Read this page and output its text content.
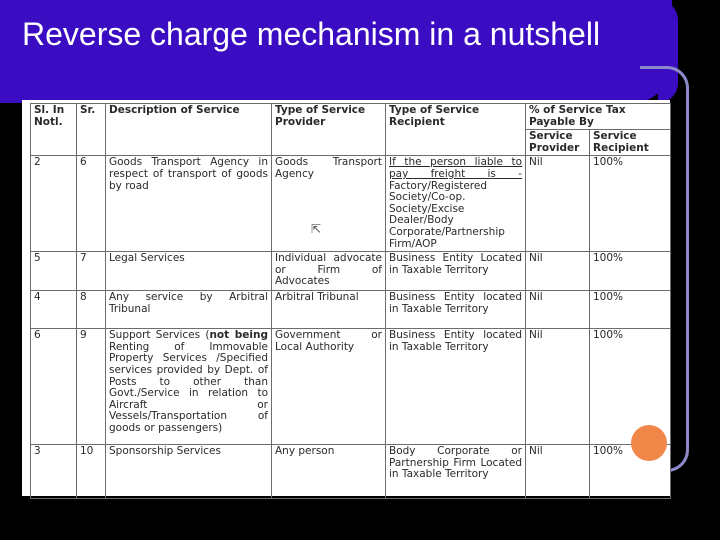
Reverse charge mechanism in a nutshell
Sl. In Notl.	Sr.	Description of Service	Type of Service Provider	Type of Service Recipient	% of Service Tax Payable By	
					Service Provider	Service Recipient
2	6	Goods Transport Agency in respect of transport of goods by road	Goods Transport Agency	If the person liable to pay freight is - Factory/Registered Society/Co-op. Society/Excise Dealer/Body Corporate/Partnership Firm/AOP	Nil	100%
5	7	Legal Services	Individual advocate or Firm of Advocates	Business Entity Located in Taxable Territory	Nil	100%
4	8	Any service by Arbitral Tribunal	Arbitral Tribunal	Business Entity located in Taxable Territory	Nil	100%
6	9	Support Services (not being Renting of Immovable Property Services /Specified services provided by Dept. of Posts to other than Govt./Service in relation to Aircraft or Vessels/Transportation of goods or passengers)	Government or Local Authority	Business Entity located in Taxable Territory	Nil	100%
3	10	Sponsorship Services	Any person	Body Corporate or Partnership Firm Located in Taxable Territory	Nil	100%
⇱
